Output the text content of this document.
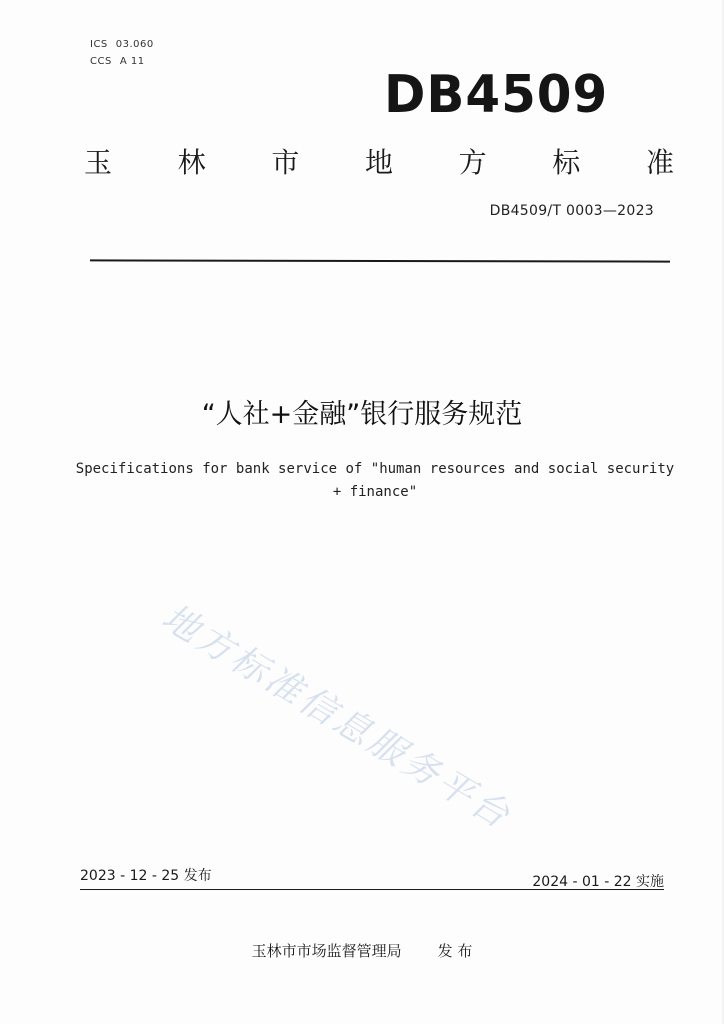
ICS 03.060
CCS A 11
DB4509
玉 林 市 地 方 标 准
DB4509/T 0003—2023
“人社+金融”银行服务规范
Specifications for bank service of "human resources and social security
+ finance"
地方标准信息服务平台
2023 - 12 - 25 发布	2024 - 01 - 22 实施
玉林市市场监督管理局 发 布
